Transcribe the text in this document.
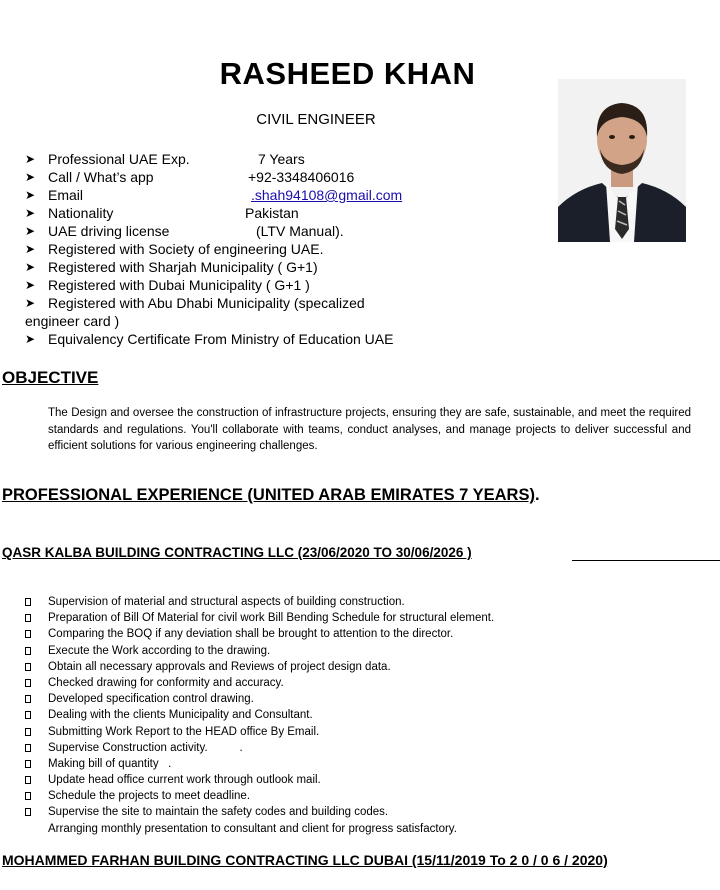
RASHEED KHAN
CIVIL ENGINEER
➤ Professional UAE Exp.	7 Years
➤ Call / What’s app	+92-3348406016
➤ Email	.shah94108@gmail.com
➤ Nationality	Pakistan
➤ UAE driving license	(LTV Manual).
➤ Registered with Society of engineering UAE.
➤ Registered with Sharjah Municipality ( G+1)
➤ Registered with Dubai Municipality ( G+1 )
➤ Registered with Abu Dhabi Municipality (specalized
engineer card )
➤ Equivalency Certificate From Ministry of Education UAE
OBJECTIVE
The Design and oversee the construction of infrastructure projects, ensuring they are safe, sustainable, and meet the required standards and regulations. You'll collaborate with teams, conduct analyses, and manage projects to deliver successful and efficient solutions for various engineering challenges.
PROFESSIONAL EXPERIENCE (UNITED ARAB EMIRATES 7 YEARS).
QASR KALBA BUILDING CONTRACTING LLC (23/06/2020 TO 30/06/2026 )
Supervision of material and structural aspects of building construction.
Preparation of Bill Of Material for civil work Bill Bending Schedule for structural element.
Comparing the BOQ if any deviation shall be brought to attention to the director.
Execute the Work according to the drawing.
Obtain all necessary approvals and Reviews of project design data.
Checked drawing for conformity and accuracy.
Developed specification control drawing.
Dealing with the clients Municipality and Consultant.
Submitting Work Report to the HEAD office By Email.
Supervise Construction activity.          .
Making bill of quantity   .
Update head office current work through outlook mail.
Schedule the projects to meet deadline.
Supervise the site to maintain the safety codes and building codes.
Arranging monthly presentation to consultant and client for progress satisfactory.
MOHAMMED FARHAN BUILDING CONTRACTING LLC DUBAI (15/11/2019 To 2 0 / 0 6 / 2020)
